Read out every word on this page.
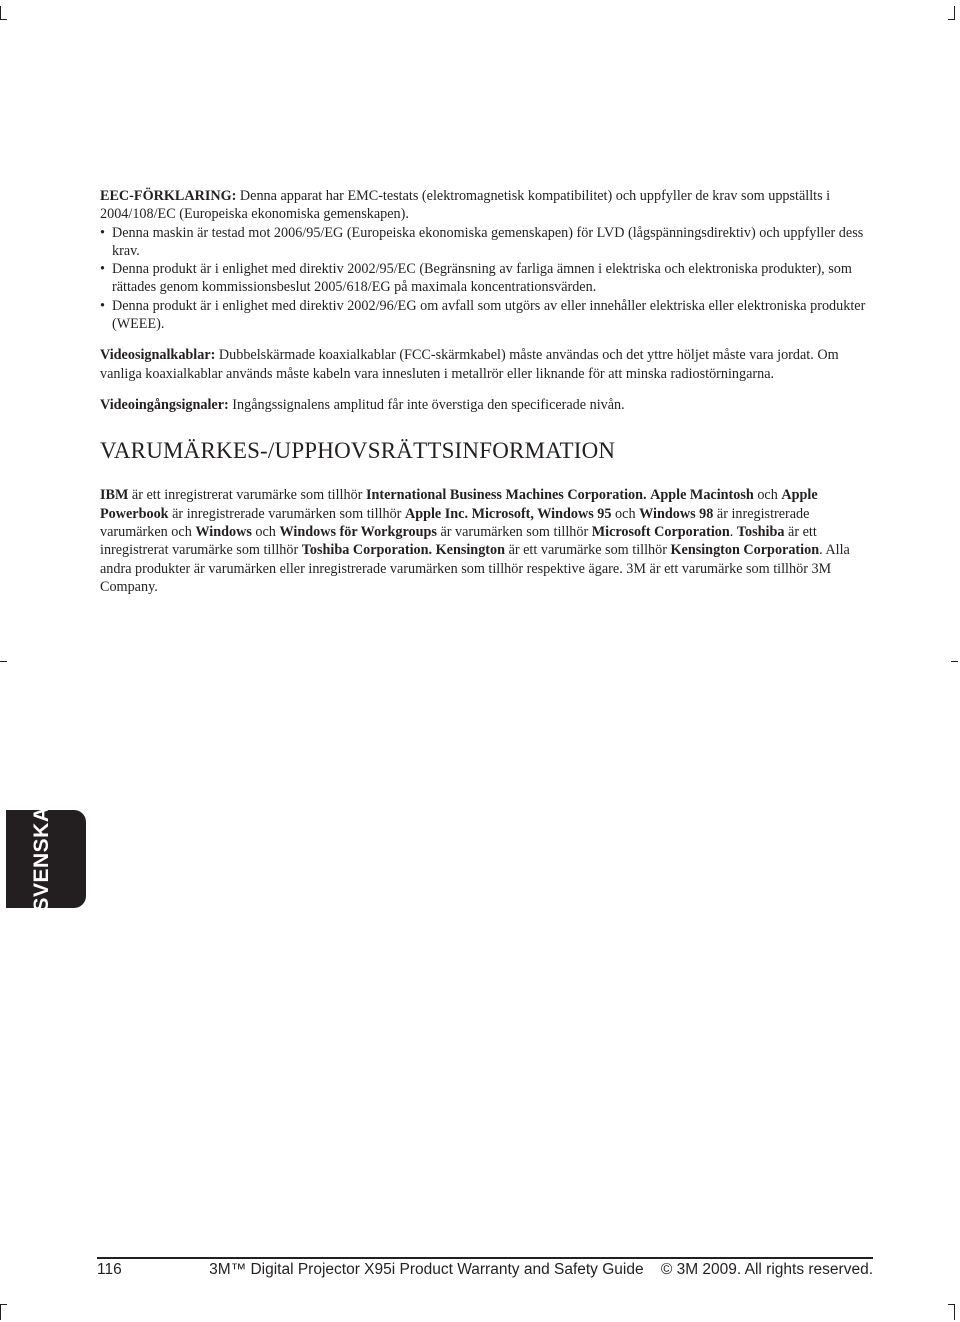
EEC-FÖRKLARING: Denna apparat har EMC-testats (elektromagnetisk kompatibilitet) och uppfyller de krav som uppställts i 2004/108/EC (Europeiska ekonomiska gemenskapen).

• Denna maskin är testad mot 2006/95/EG (Europeiska ekonomiska gemenskapen) för LVD (lågspänningsdirektiv) och uppfyller dess krav.

• Denna produkt är i enlighet med direktiv 2002/95/EC (Begränsning av farliga ämnen i elektriska och elektroniska produkter), som rättades genom kommissionsbeslut 2005/618/EG på maximala koncentrationsvärden.

• Denna produkt är i enlighet med direktiv 2002/96/EG om avfall som utgörs av eller innehåller elektriska eller elektroniska produkter (WEEE).

Videosignalkablar: Dubbelskärmade koaxialkablar (FCC-skärmkabel) måste användas och det yttre höljet måste vara jordat. Om vanliga koaxialkablar används måste kabeln vara innesluten i metallrör eller liknande för att minska radiostörningarna.

Videoingångsignaler: Ingångssignalens amplitud får inte överstiga den specificerade nivån.

VARUMÄRKES-/UPPHOVSRÄTTSINFORMATION

IBM är ett inregistrerat varumärke som tillhör International Business Machines Corporation. Apple Macintosh och Apple Powerbook är inregistrerade varumärken som tillhör Apple Inc. Microsoft, Windows 95 och Windows 98 är inregistrerade varumärken och Windows och Windows för Workgroups är varumärken som tillhör Microsoft Corporation. Toshiba är ett inregistrerat varumärke som tillhör Toshiba Corporation. Kensington är ett varumärke som tillhör Kensington Corporation. Alla andra produkter är varumärken eller inregistrerade varumärken som tillhör respektive ägare. 3M är ett varumärke som tillhör 3M Company.

SVENSKA
116	3M™ Digital Projector X95i Product Warranty and Safety Guide © 3M 2009. All rights reserved.
